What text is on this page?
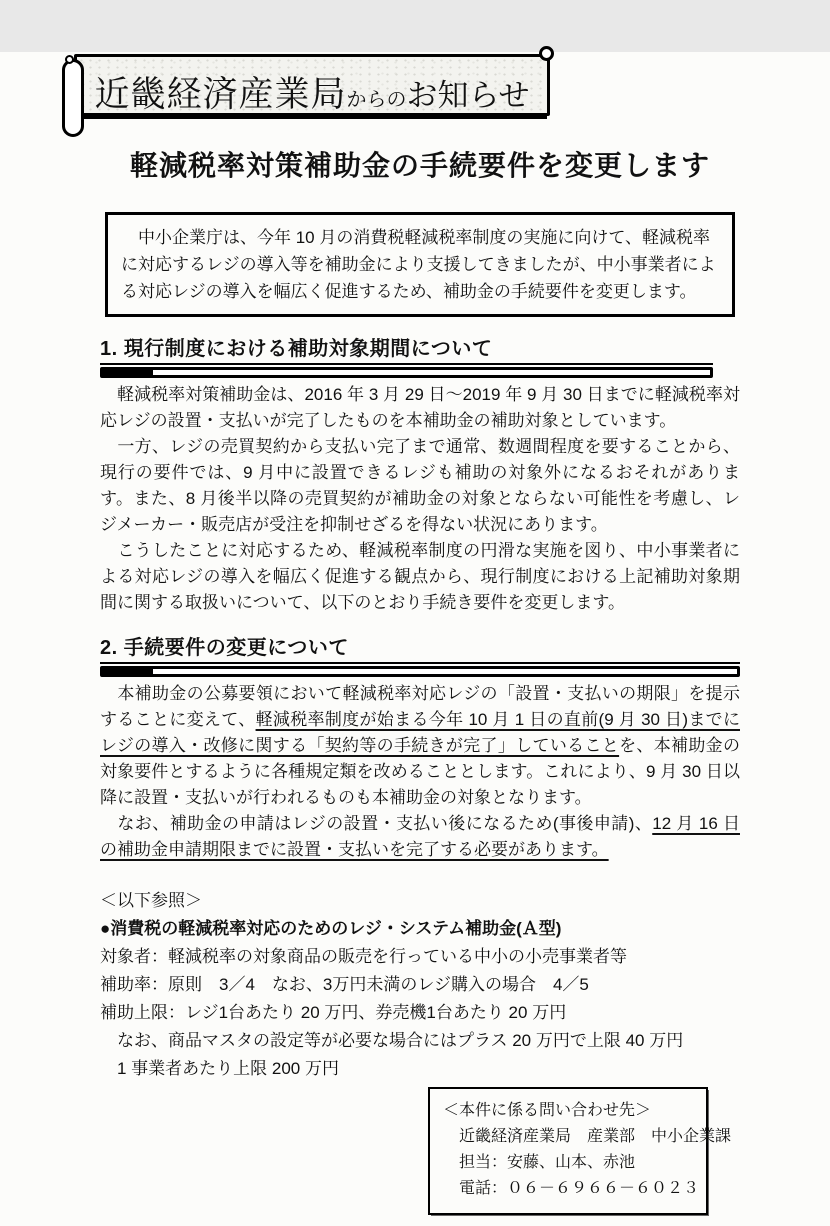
近畿経済産業局 からの お知らせ
軽減税率対策補助金の手続要件を変更します
　中小企業庁は、今年 10 月の消費税軽減税率制度の実施に向けて、軽減税率に対応するレジの導入等を補助金により支援してきましたが、中小事業者による対応レジの導入を幅広く促進するため、補助金の手続要件を変更します。
1. 現行制度における補助対象期間について

　軽減税率対策補助金は、2016 年 3 月 29 日～2019 年 9 月 30 日までに軽減税率対応レジの設置・支払いが完了したものを本補助金の補助対象としています。

　一方、レジの売買契約から支払い完了まで通常、数週間程度を要することから、現行の要件では、9 月中に設置できるレジも補助の対象外になるおそれがあります。また、8 月後半以降の売買契約が補助金の対象とならない可能性を考慮し、レジメーカー・販売店が受注を抑制せざるを得ない状況にあります。

　こうしたことに対応するため、軽減税率制度の円滑な実施を図り、中小事業者による対応レジの導入を幅広く促進する観点から、現行制度における上記補助対象期間に関する取扱いについて、以下のとおり手続き要件を変更します。

2. 手続要件の変更について

　本補助金の公募要領において軽減税率対応レジの「設置・支払いの期限」を提示することに変えて、軽減税率制度が始まる今年 10 月 1 日の直前(9 月 30 日)までにレジの導入・改修に関する「契約等の手続きが完了」していることを、本補助金の対象要件とするように各種規定類を改めることとします。これにより、9 月 30 日以降に設置・支払いが行われるものも本補助金の対象となります。

　なお、補助金の申請はレジの設置・支払い後になるため(事後申請)、12 月 16 日の補助金申請期限までに設置・支払いを完了する必要があります。

＜以下参照＞
●消費税の軽減税率対応のためのレジ・システム補助金(Ａ型)
対象者：軽減税率の対象商品の販売を行っている中小の小売事業者等
補助率：原則　3／4　なお、3万円未満のレジ購入の場合　4／5
補助上限：レジ1台あたり 20 万円、券売機1台あたり 20 万円
　なお、商品マスタの設定等が必要な場合にはプラス 20 万円で上限 40 万円
　1 事業者あたり上限 200 万円
＜本件に係る問い合わせ先＞
近畿経済産業局　産業部　中小企業課
担当：安藤、山本、赤池
電話：０６－６９６６－６０２３
